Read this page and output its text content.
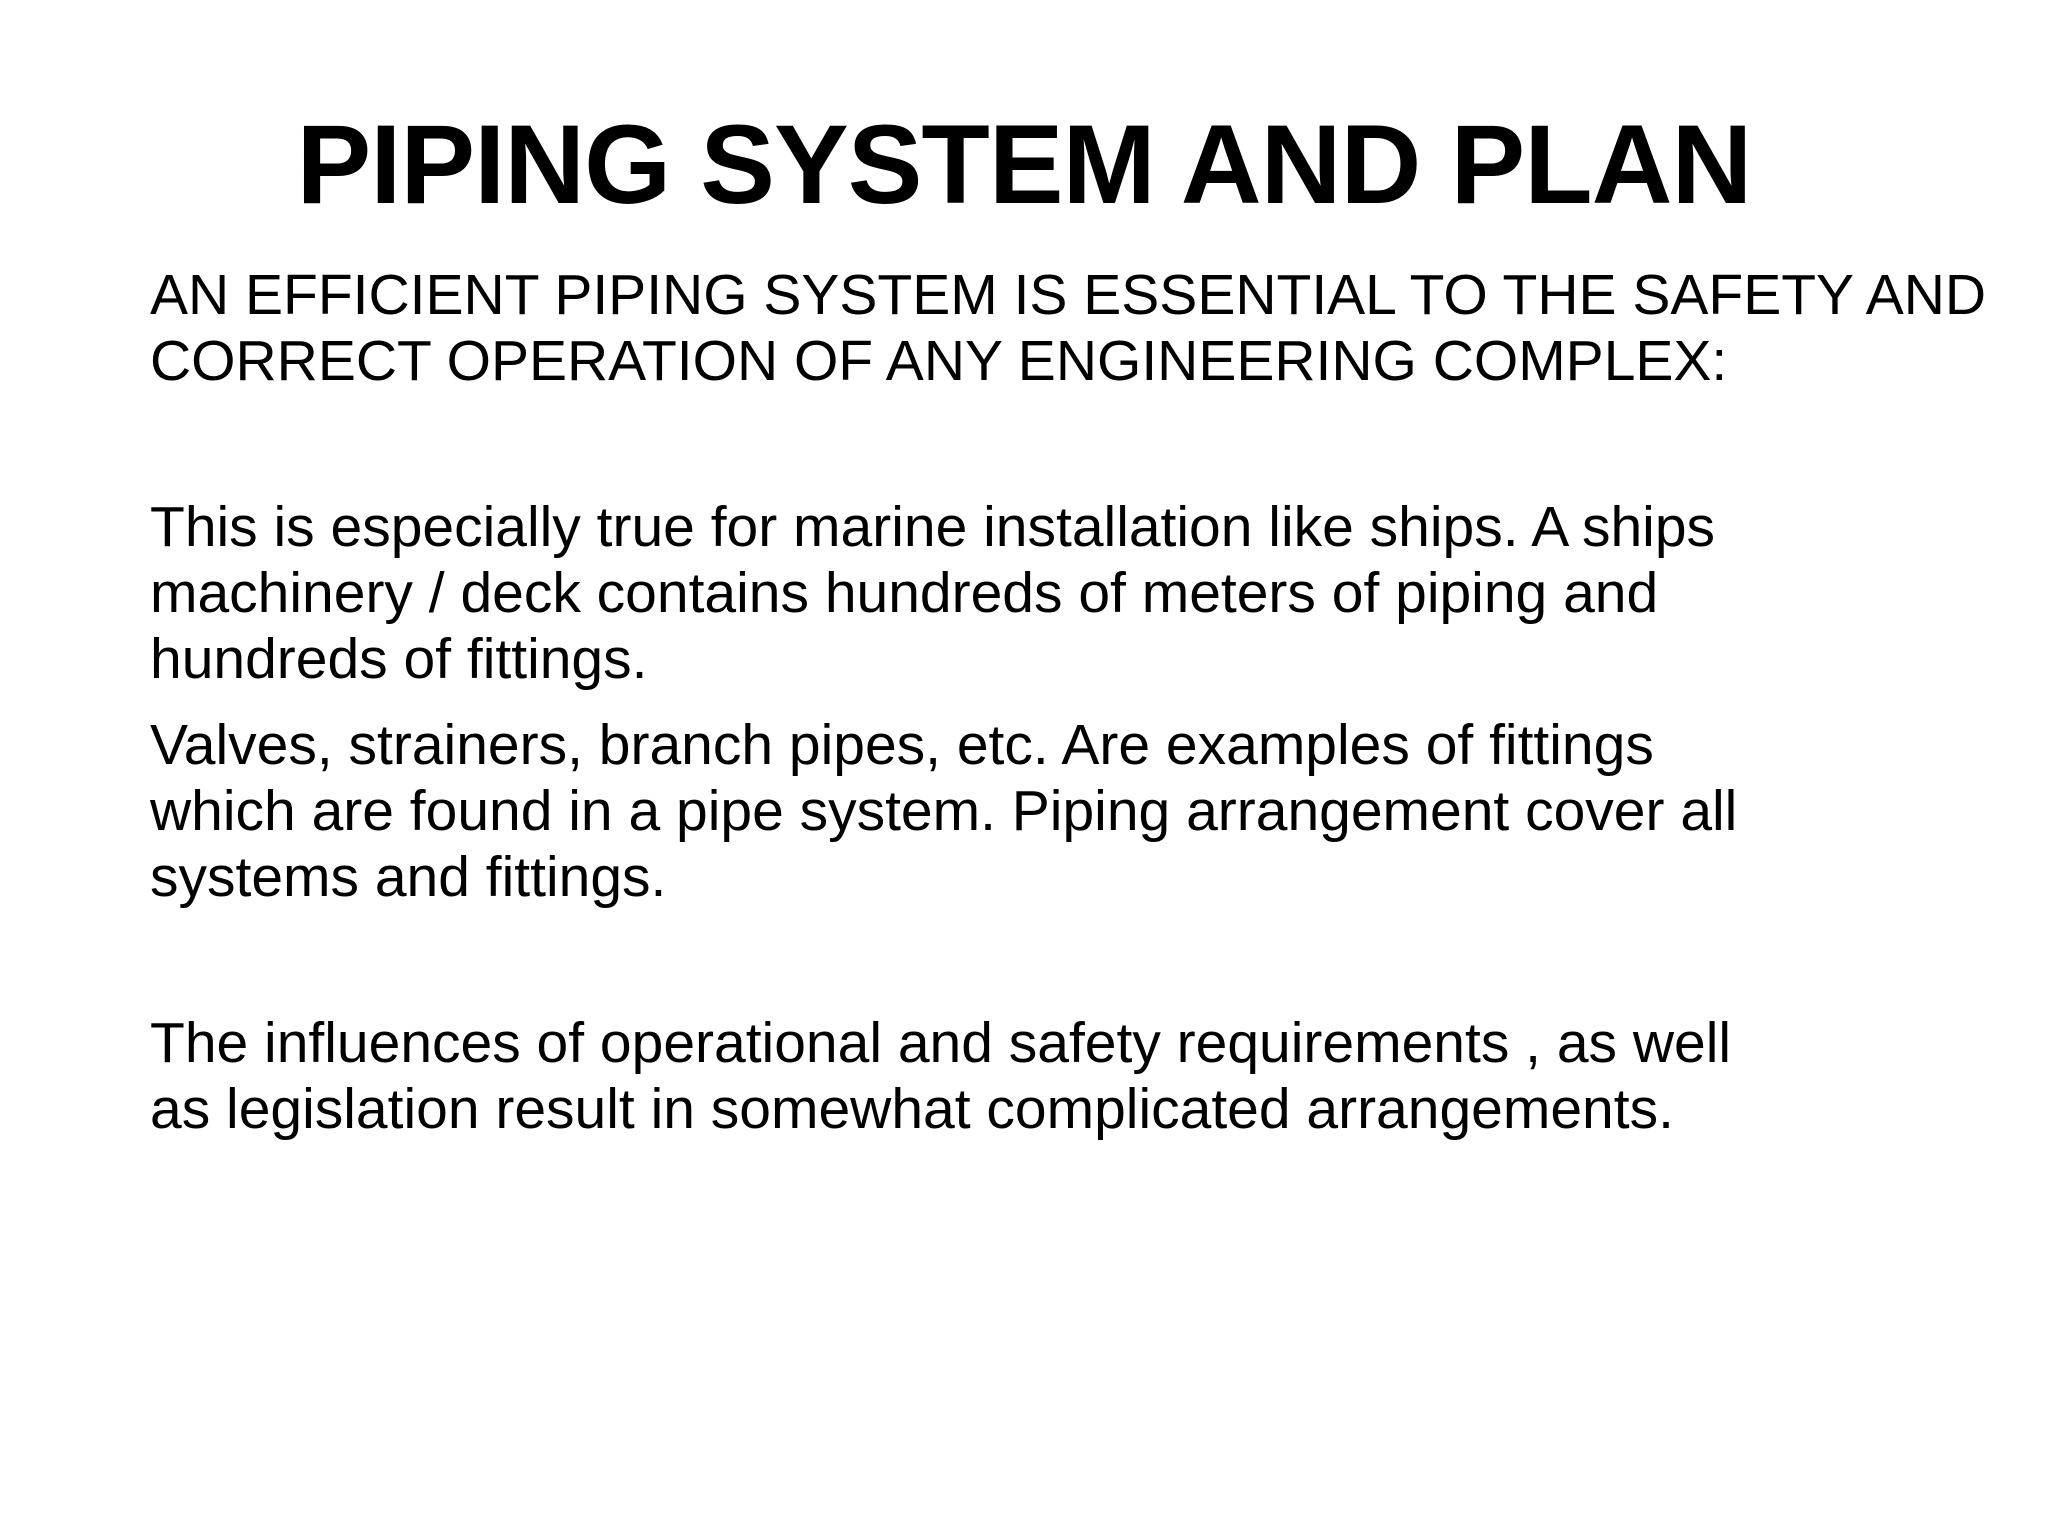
PIPING SYSTEM AND PLAN

AN EFFICIENT PIPING SYSTEM IS ESSENTIAL TO THE SAFETY AND
CORRECT OPERATION OF ANY ENGINEERING COMPLEX:

This is especially true for marine installation like ships. A ships
machinery / deck contains hundreds of meters of piping and
hundreds of fittings.

Valves, strainers, branch pipes, etc. Are examples of fittings
which are found in a pipe system. Piping arrangement cover all
systems and fittings.

The influences of operational and safety requirements , as well
as legislation result in somewhat complicated arrangements.
